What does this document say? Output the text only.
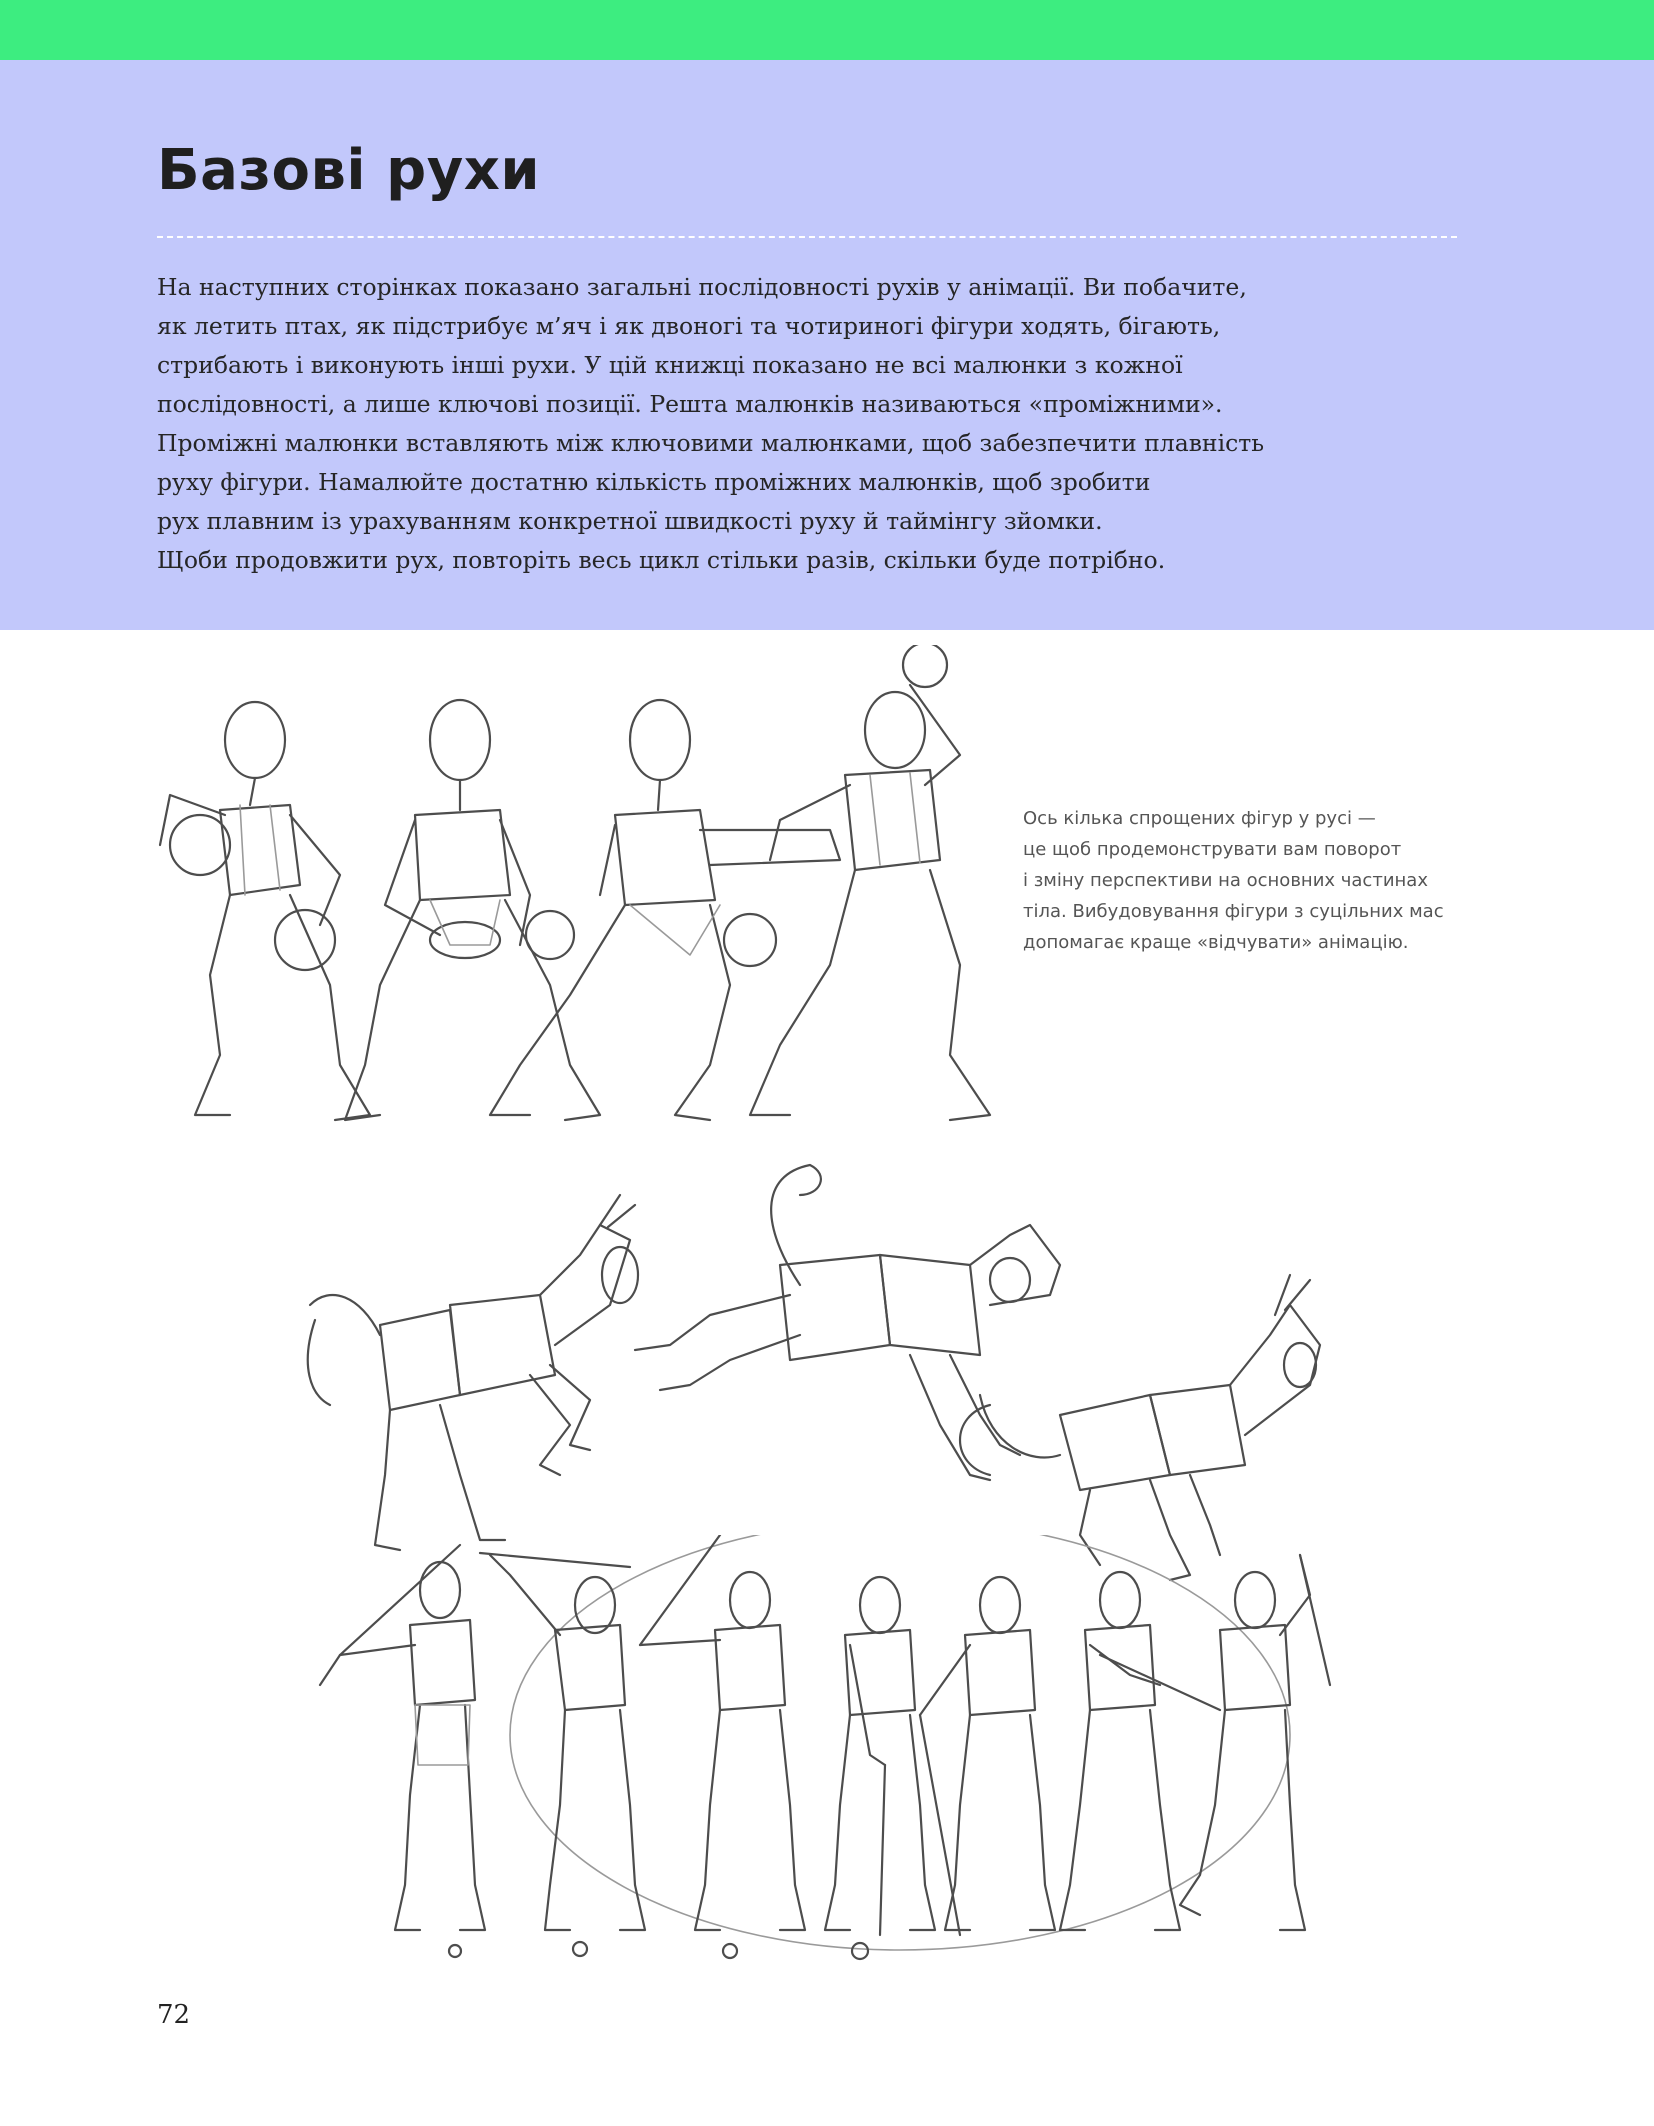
Базові рухи
На наступних сторінках показано загальні послідовності рухів у анімації. Ви побачите,
як летить птах, як підстрибує м’яч і як двоногі та чотириногі фігури ходять, бігають,
стрибають і виконують інші рухи. У цій книжці показано не всі малюнки з кожної
послідовності, а лише ключові позиції. Решта малюнків називаються «проміжними».
Проміжні малюнки вставляють між ключовими малюнками, щоб забезпечити плавність
руху фігури. Намалюйте достатню кількість проміжних малюнків, щоб зробити
рух плавним із урахуванням конкретної швидкості руху й таймінгу зйомки.
Щоби продовжити рух, повторіть весь цикл стільки разів, скільки буде потрібно.
Ось кілька спрощених фігур у русі —
це щоб продемонструвати вам поворот
і зміну перспективи на основних частинах
тіла. Вибудовування фігури з суцільних мас
допомагає краще «відчувати» анімацію.
72
